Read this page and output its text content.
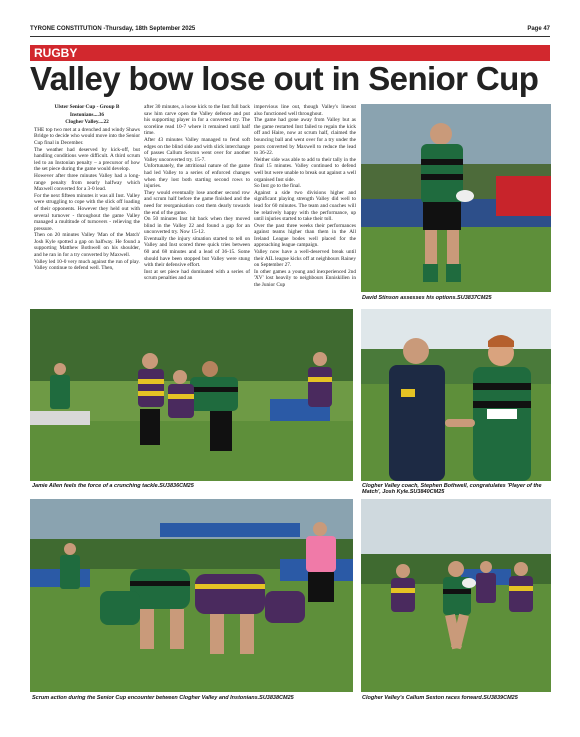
TYRONE CONSTITUTION -Thursday, 18th September 2025	Page 47
RUGBY
Valley bow lose out in Senior Cup
Ulster Senior Cup - Group B
Instonians....36
Clogher Valley....22

THE top two met at a drenched and windy Shaws Bridge to decide who would move into the Senior Cup final in December.

The weather had deserved by kick-off, but handling conditions were difficult. A third scrum led to an Instonian penalty – a precursor of how the set piece during the game would develop.

However after three minutes Valley had a long-range penalty from nearly halfway which Maxwell converted for a 3-0 lead.

For the next fifteen minutes it was all Inst. Valley were struggling to cope with the slick off loading of their opponents. However they held out with several turnover - throughout the game Valley managed a multitude of turnovers - relieving the pressure.

Then on 20 minutes Valley 'Man of the Match' Josh Kyle spotted a gap on halfway. He found a supporting Matthew Bothwell on his shoulder, and he ran in for a try converted by Maxwell.

Valley led 10-0 very much against the run of play.

Valley continue to defend well. Then,

after 30 minutes, a loose kick to the Inst full back saw him carve open the Valley defence and put his supporting player in for a converted try. The scoreline read 10-7 where it remained until half time.

After 43 minutes Valley managed to fend soft edges on the blind side and with slick interchange of passes Callum Sexton went over for another Valley unconverted try. 15-7.

Unfortunately, the attritional nature of the game had led Valley to a series of enforced changes when they lost both starting second rows to injuries.

They would eventually lose another second row and scrum half before the game finished and the need for reorganisation cost them dearly towards the end of the game.

On 50 minutes Inst hit back when they moved blind in the Valley 22 and found a gap for an unconverted try. Now 15-12.

Eventually the injury situation started to tell on Valley and Inst scored three quick tries between 60 and 68 minutes and a lead of 36-15. Some should have been stopped but Valley were stung with their defensive effort.

Inst at set piece had dominated with a series of scrum penalties and an

impervious line out, though Valley's lineout also functioned well throughout.

The game had gone away from Valley but as the game restarted Inst failed to regain the kick off and Haire, now at scrum half, claimed the bouncing ball and went over for a try under the posts converted by Maxwell to reduce the lead to 36-22.

Neither side was able to add to their tally in the final 15 minutes. Valley continued to defend well but were unable to break out against a well organised Inst side.

So Inst go to the final.

Against a side two divisions higher and significant playing strength Valley did well to lead for 60 minutes. The team and coaches will be relatively happy with the performance, up until injuries started to take their toll.

Over the past three weeks their performances against teams higher than them in the All Ireland League bodes well placed for the approaching league campaign.

Valley now have a well-deserved break until their AIL league kicks off at neighbours Rainey on September 27.

In other games a young and inexperienced 2nd 'XV' lost heavily to neighbours Enniskillen in the Junior Cup

David Stinson assesses his options.SU3837CM25
Jamie Allen feels the force of a crunching tackle.SU3836CM25	Clogher Valley coach, Stephen Bothwell, congratulates 'Player of the Match', Josh Kyle.SU3840CM25
Scrum action during the Senior Cup encounter between Clogher Valley and Instonians.SU3838CM25	Clogher Valley's Callum Sexton races forward.SU3839CM25
